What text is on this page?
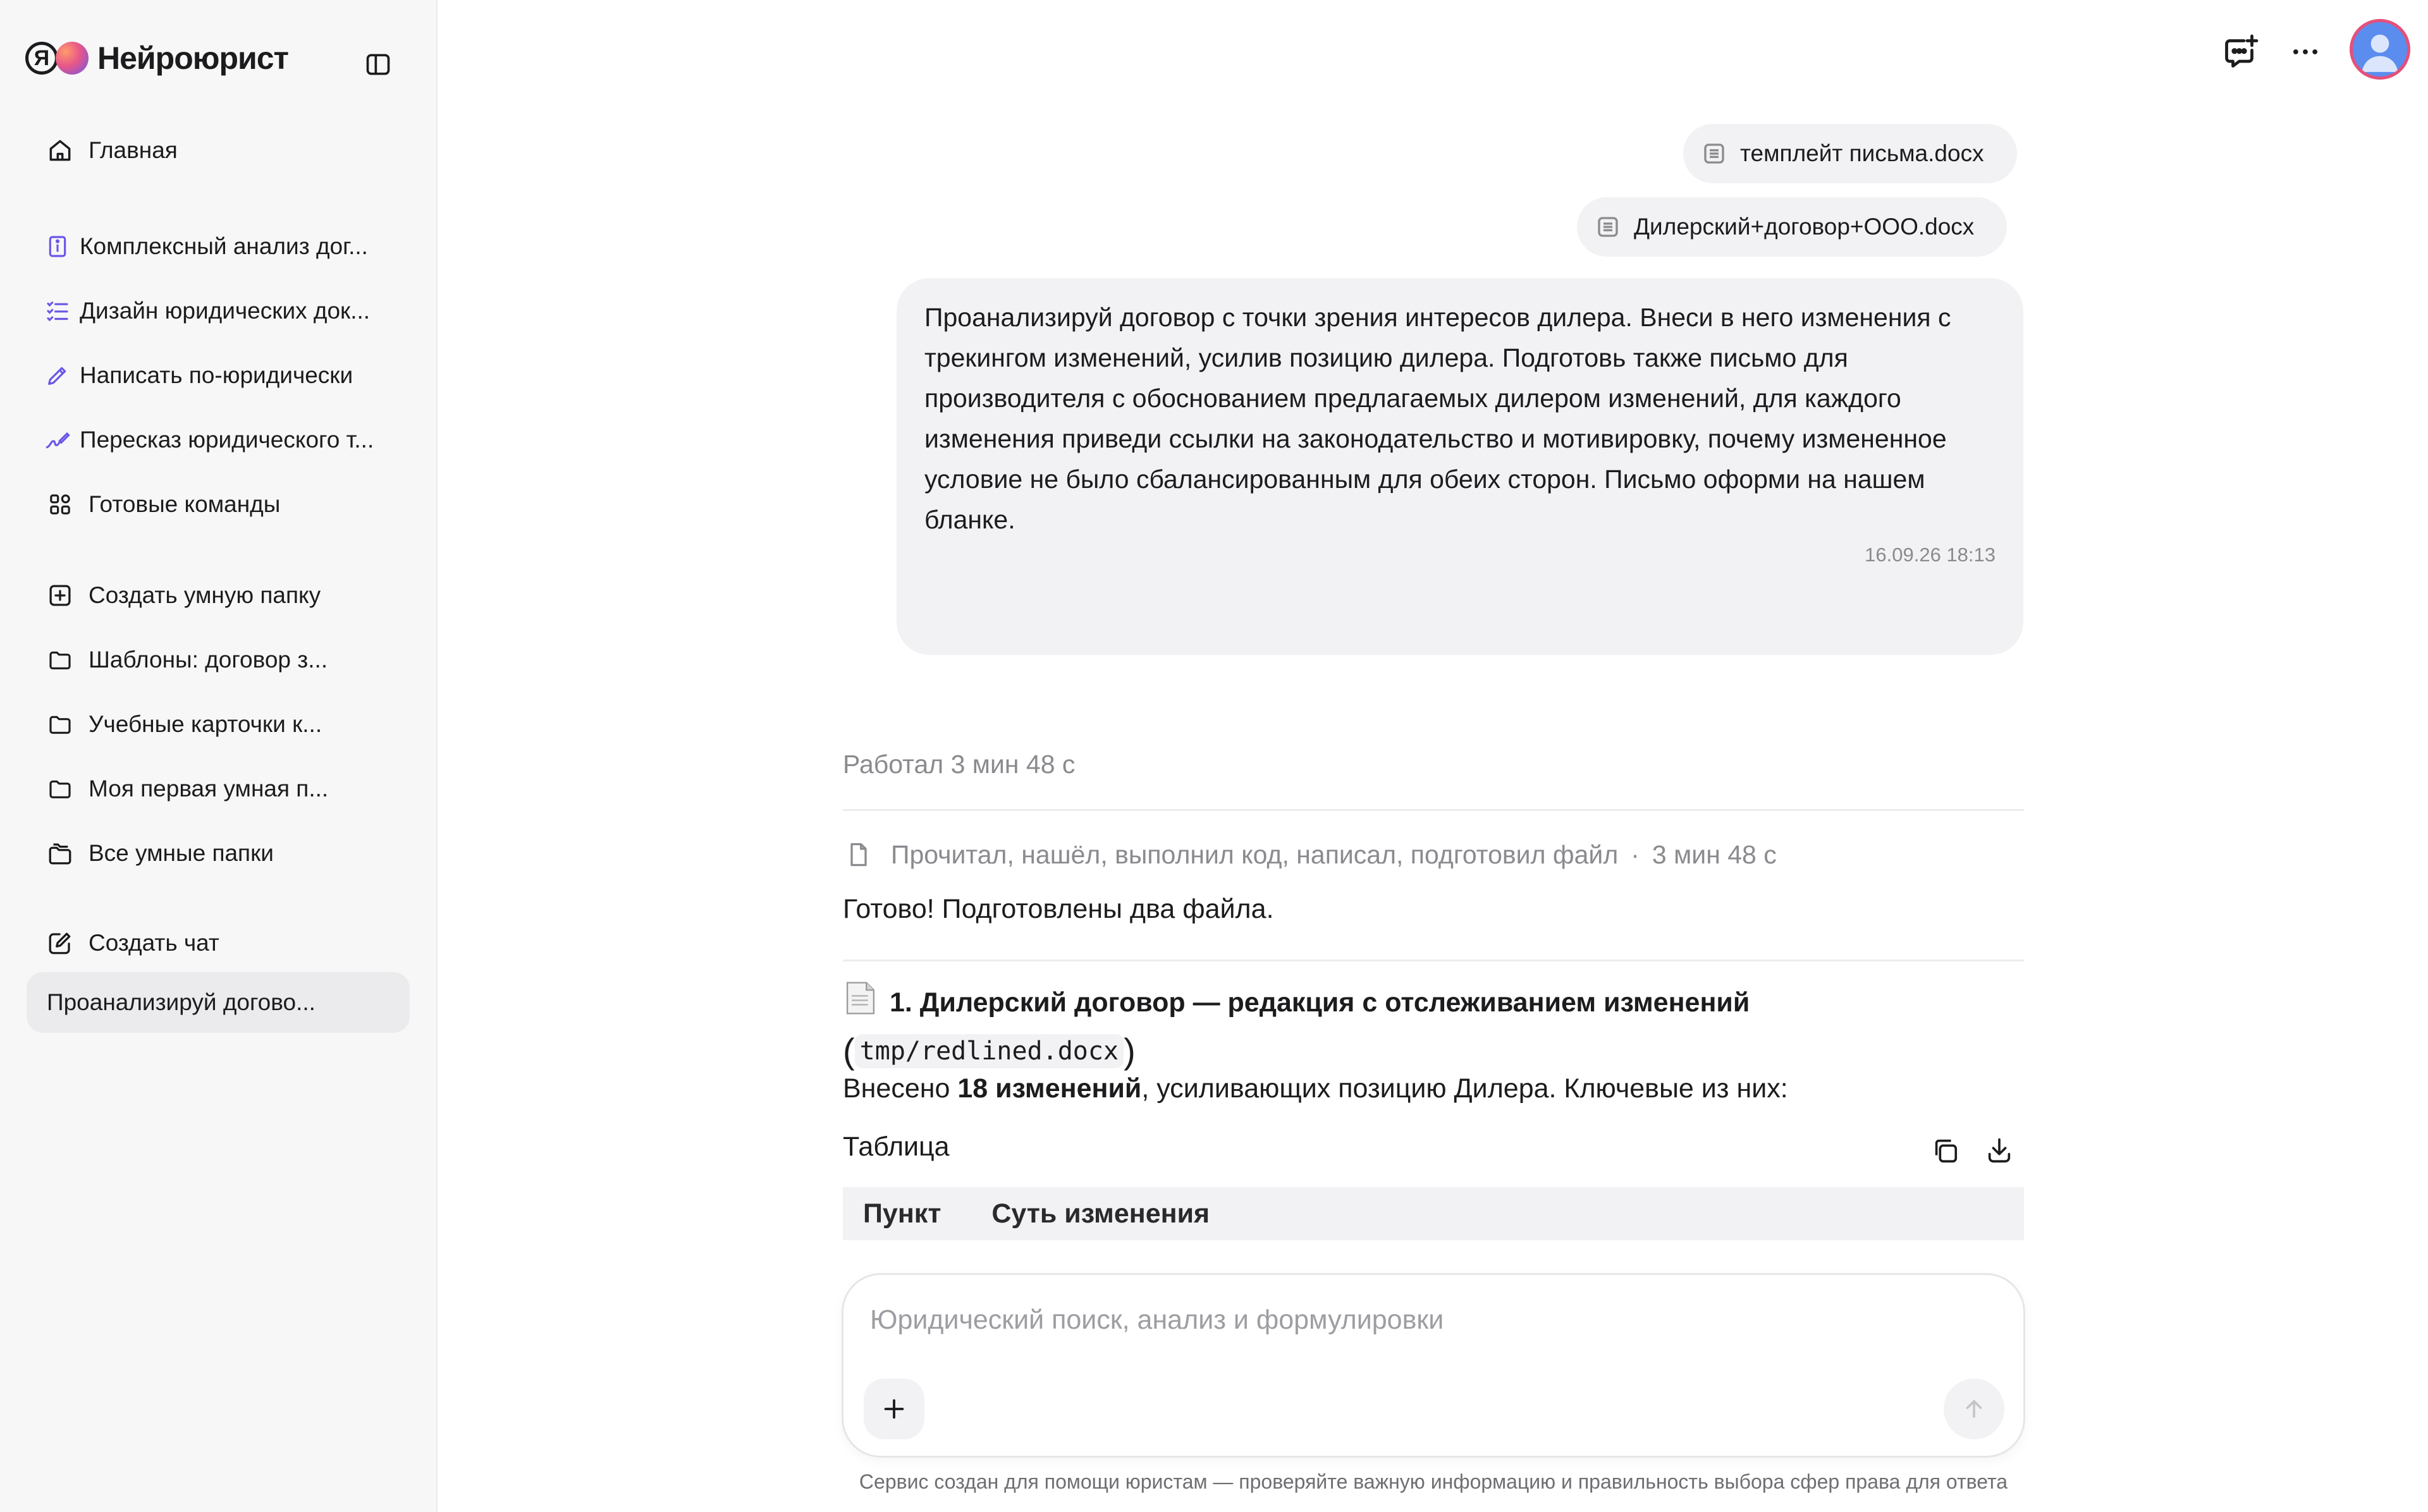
Я Нейроюрист
Главная
Комплексный анализ дог...
Дизайн юридических док...
Написать по-юридически
Пересказ юридического т...
Готовые команды
Создать умную папку
Шаблоны: договор з...
Учебные карточки к...
Моя первая умная п...
Все умные папки
Создать чат
Проанализируй догово...
темплейт письма.docx
Дилерский+договор+ООО.docx
Проанализируй договор с точки зрения интересов дилера. Внеси в него изменения с трекингом изменений, усилив позицию дилера. Подготовь также письмо для производителя с обоснованием предлагаемых дилером изменений, для каждого изменения приведи ссылки на законодательство и мотивировку, почему измененное условие не было сбалансированным для обеих сторон. Письмо оформи на нашем бланке.
16.09.26 18:13
Работал 3 мин 48 с
Прочитал, нашёл, выполнил код, написал, подготовил файл · 3 мин 48 с
Готово! Подготовлены два файла.
1. Дилерский договор — редакция с отслеживанием изменений
( tmp/redlined.docx )
Внесено 18 изменений, усиливающих позицию Дилера. Ключевые из них:
Таблица
Пункт Суть изменения
Юридический поиск, анализ и формулировки
Сервис создан для помощи юристам — проверяйте важную информацию и правильность выбора сфер права для ответа
